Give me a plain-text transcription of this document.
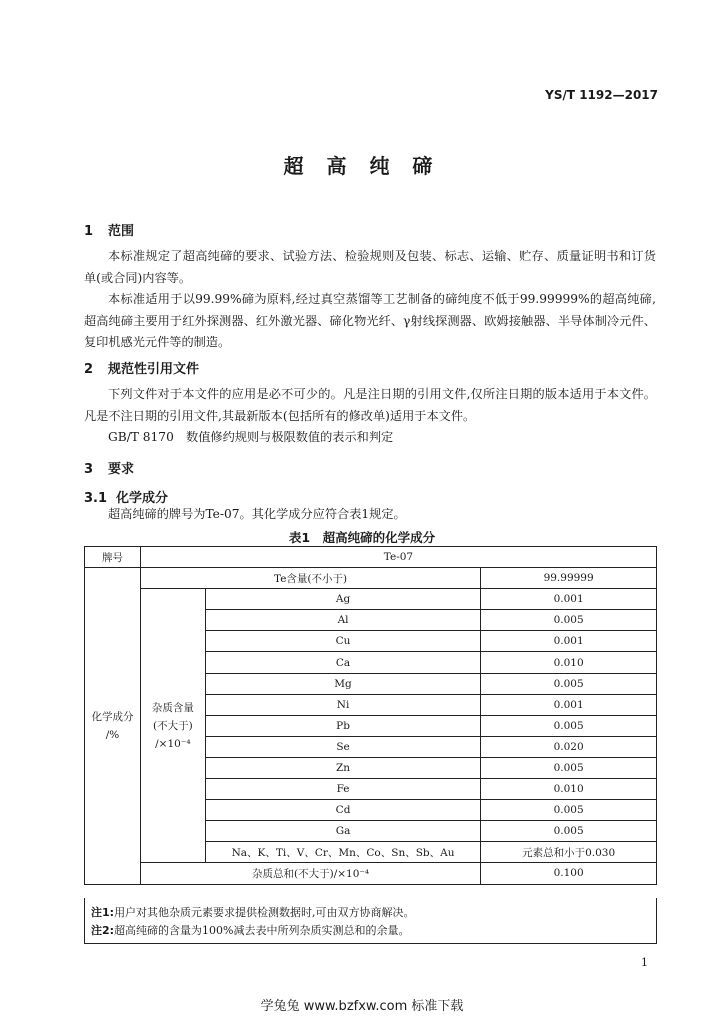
YS/T 1192—2017
超 高 纯 碲
1 范围
本标准规定了超高纯碲的要求、试验方法、检验规则及包装、标志、运输、贮存、质量证明书和订货单(或合同)内容等。
本标准适用于以99.99%碲为原料,经过真空蒸馏等工艺制备的碲纯度不低于99.99999%的超高纯碲,超高纯碲主要用于红外探测器、红外激光器、碲化物光纤、γ射线探测器、欧姆接触器、半导体制冷元件、复印机感光元件等的制造。
2 规范性引用文件
下列文件对于本文件的应用是必不可少的。凡是注日期的引用文件,仅所注日期的版本适用于本文件。凡是不注日期的引用文件,其最新版本(包括所有的修改单)适用于本文件。
GB/T 8170　数值修约规则与极限数值的表示和判定
3 要求
3.1 化学成分
超高纯碲的牌号为Te-07。其化学成分应符合表1规定。
表1　超高纯碲的化学成分
牌号	Te-07		

化学成分
/%	Te含量(不小于)		99.99999

	杂质含量
(不大于)
/×10⁻⁴	Ag	0.001
		Al	0.005
		Cu	0.001
		Ca	0.010
		Mg	0.005
		Ni	0.001
		Pb	0.005
		Se	0.020
		Zn	0.005
		Fe	0.010
		Cd	0.005
		Ga	0.005
		Na、K、Ti、V、Cr、Mn、Co、Sn、Sb、Au	元素总和小于0.030
	杂质总和(不大于)/×10⁻⁴		0.100
注1:用户对其他杂质元素要求提供检测数据时,可由双方协商解决。
注2:超高纯碲的含量为100%减去表中所列杂质实测总和的余量。
1
学兔兔 www.bzfxw.com 标准下载
